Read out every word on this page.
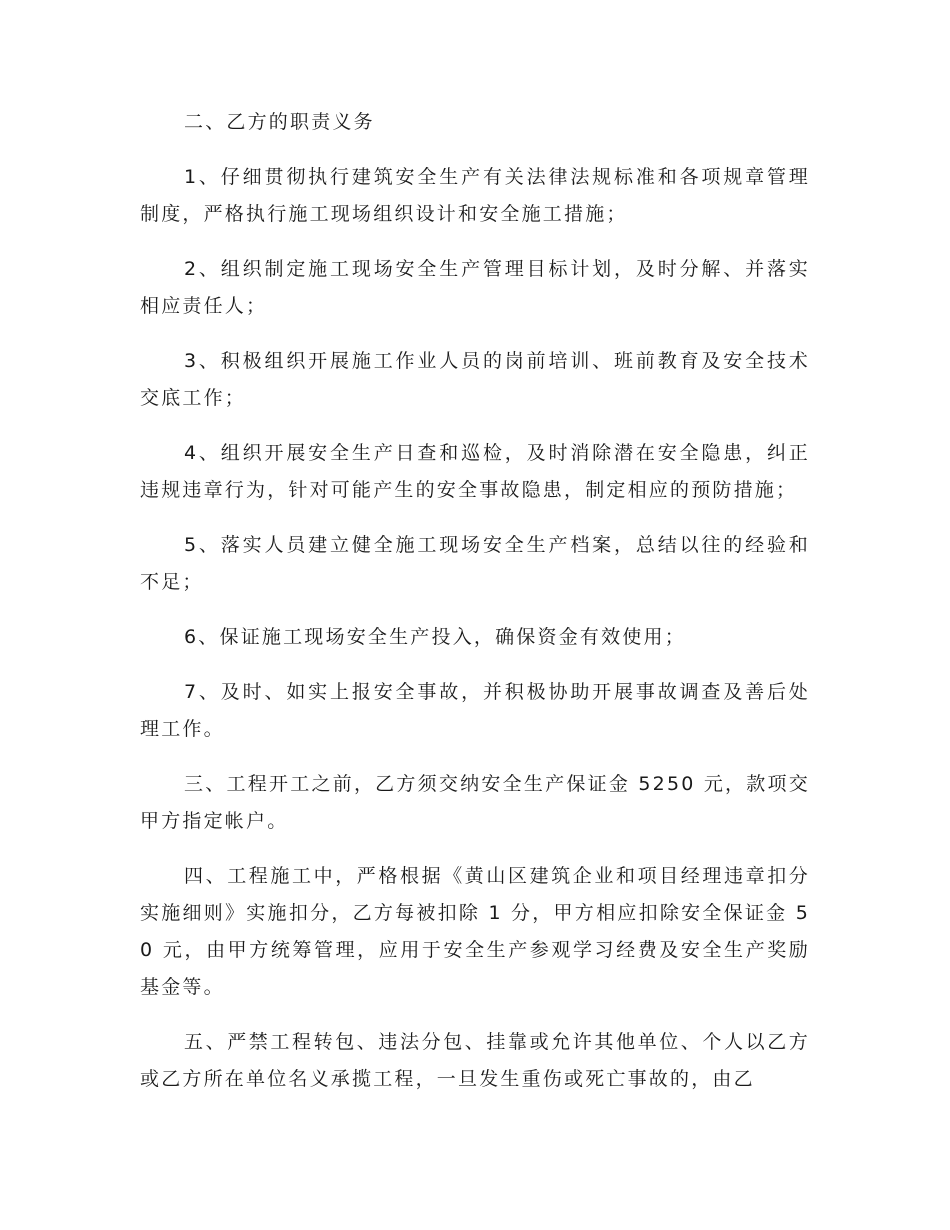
二、乙方的职责义务

1、仔细贯彻执行建筑安全生产有关法律法规标准和各项规章管理制度，严格执行施工现场组织设计和安全施工措施；

2、组织制定施工现场安全生产管理目标计划，及时分解、并落实相应责任人；

3、积极组织开展施工作业人员的岗前培训、班前教育及安全技术交底工作；

4、组织开展安全生产日查和巡检，及时消除潜在安全隐患，纠正违规违章行为，针对可能产生的安全事故隐患，制定相应的预防措施；

5、落实人员建立健全施工现场安全生产档案，总结以往的经验和不足；

6、保证施工现场安全生产投入，确保资金有效使用；

7、及时、如实上报安全事故，并积极协助开展事故调查及善后处理工作。

三、工程开工之前，乙方须交纳安全生产保证金 5250 元，款项交甲方指定帐户。

四、工程施工中，严格根据《黄山区建筑企业和项目经理违章扣分实施细则》实施扣分，乙方每被扣除 1 分，甲方相应扣除安全保证金 50 元，由甲方统筹管理，应用于安全生产参观学习经费及安全生产奖励基金等。

五、严禁工程转包、违法分包、挂靠或允许其他单位、个人以乙方或乙方所在单位名义承揽工程，一旦发生重伤或死亡事故的，由乙
